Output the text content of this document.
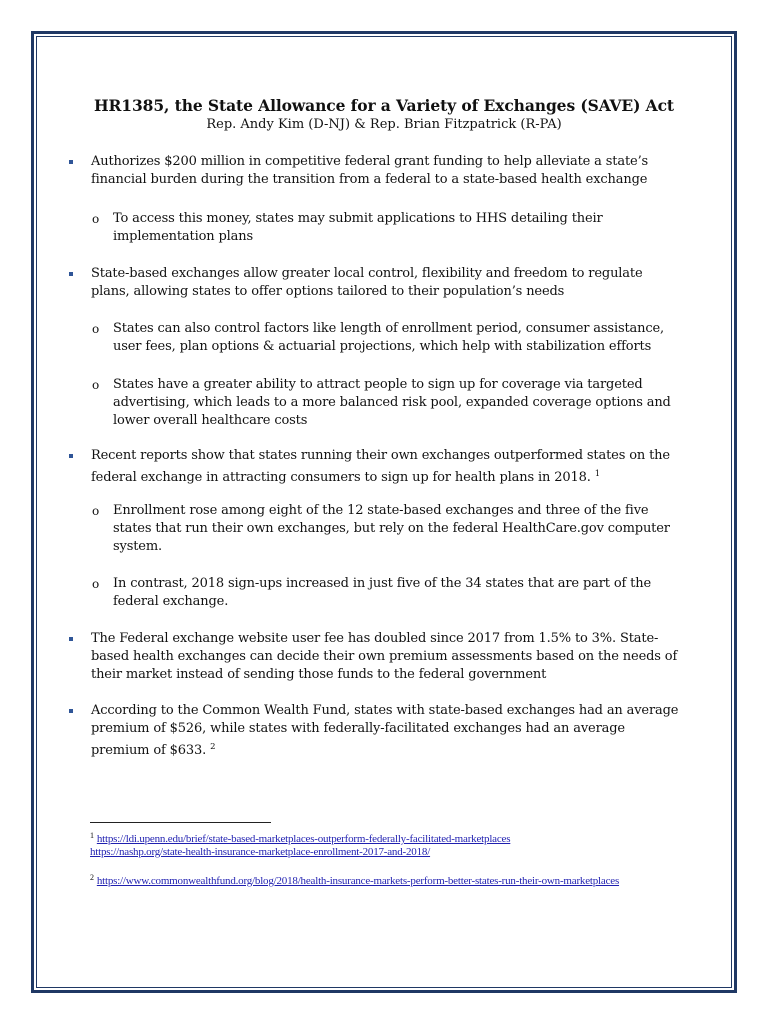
HR1385, the State Allowance for a Variety of Exchanges (SAVE) Act
Rep. Andy Kim (D-NJ) & Rep. Brian Fitzpatrick (R-PA)
Authorizes $200 million in competitive federal grant funding to help alleviate a state’s financial burden during the transition from a federal to a state-based health exchange
o To access this money, states may submit applications to HHS detailing their implementation plans
State-based exchanges allow greater local control, flexibility and freedom to regulate plans, allowing states to offer options tailored to their population’s needs
o States can also control factors like length of enrollment period, consumer assistance, user fees, plan options & actuarial projections, which help with stabilization efforts
o States have a greater ability to attract people to sign up for coverage via targeted advertising, which leads to a more balanced risk pool, expanded coverage options and lower overall healthcare costs
Recent reports show that states running their own exchanges outperformed states on the federal exchange in attracting consumers to sign up for health plans in 2018. $^1$
o Enrollment rose among eight of the 12 state-based exchanges and three of the five states that run their own exchanges, but rely on the federal HealthCare.gov computer system.
o In contrast, 2018 sign-ups increased in just five of the 34 states that are part of the federal exchange.
The Federal exchange website user fee has doubled since 2017 from 1.5% to 3%. State-based health exchanges can decide their own premium assessments based on the needs of their market instead of sending those funds to the federal government
According to the Common Wealth Fund, states with state-based exchanges had an average premium of $526, while states with federally-facilitated exchanges had an average premium of $633. $^2$
$^1$ https://ldi.upenn.edu/brief/state-based-marketplaces-outperform-federally-facilitated-marketplaces
https://nashp.org/state-health-insurance-marketplace-enrollment-2017-and-2018/
$^2$ https://www.commonwealthfund.org/blog/2018/health-insurance-markets-perform-better-states-run-their-own-marketplaces
